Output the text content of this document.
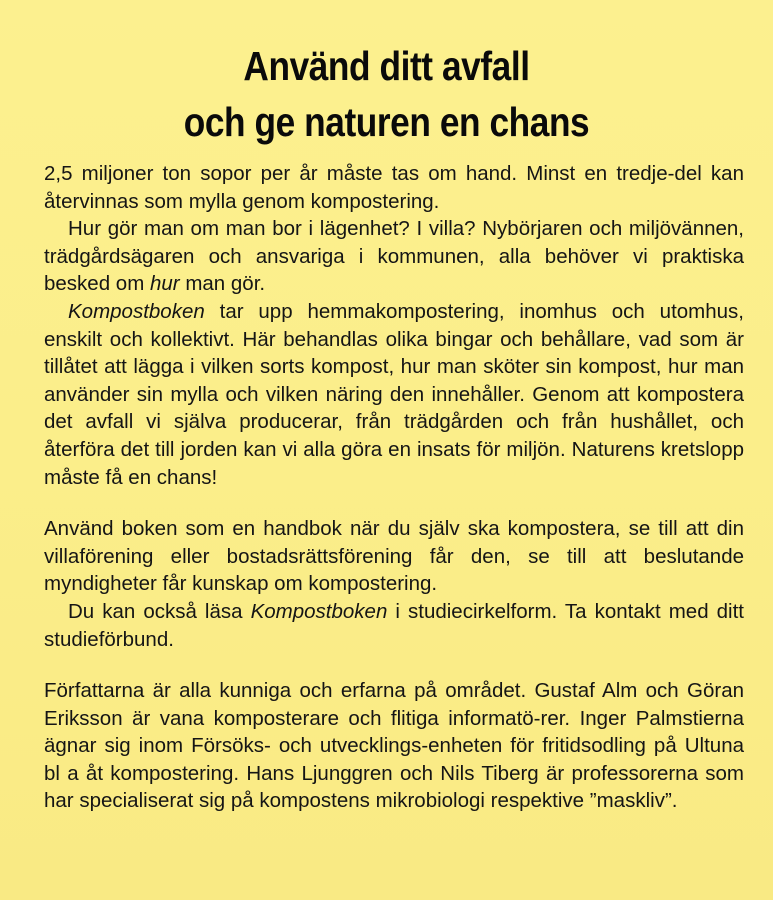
Använd ditt avfall
och ge naturen en chans

2,5 miljoner ton sopor per år måste tas om hand. Minst en tredje-del kan återvinnas som mylla genom kompostering.

Hur gör man om man bor i lägenhet? I villa? Nybörjaren och miljövännen, trädgårdsägaren och ansvariga i kommunen, alla behöver vi praktiska besked om hur man gör.

Kompostboken tar upp hemmakompostering, inomhus och utomhus, enskilt och kollektivt. Här behandlas olika bingar och behållare, vad som är tillåtet att lägga i vilken sorts kompost, hur man sköter sin kompost, hur man använder sin mylla och vilken näring den innehåller. Genom att kompostera det avfall vi själva producerar, från trädgården och från hushållet, och återföra det till jorden kan vi alla göra en insats för miljön. Naturens kretslopp måste få en chans!

Använd boken som en handbok när du själv ska kompostera, se till att din villaförening eller bostadsrättsförening får den, se till att beslutande myndigheter får kunskap om kompostering.

Du kan också läsa Kompostboken i studiecirkelform. Ta kontakt med ditt studieförbund.

Författarna är alla kunniga och erfarna på området. Gustaf Alm och Göran Eriksson är vana komposterare och flitiga informatö-rer. Inger Palmstierna ägnar sig inom Försöks- och utvecklings-enheten för fritidsodling på Ultuna bl a åt kompostering. Hans Ljunggren och Nils Tiberg är professorerna som har specialiserat sig på kompostens mikrobiologi respektive ”maskliv”.
